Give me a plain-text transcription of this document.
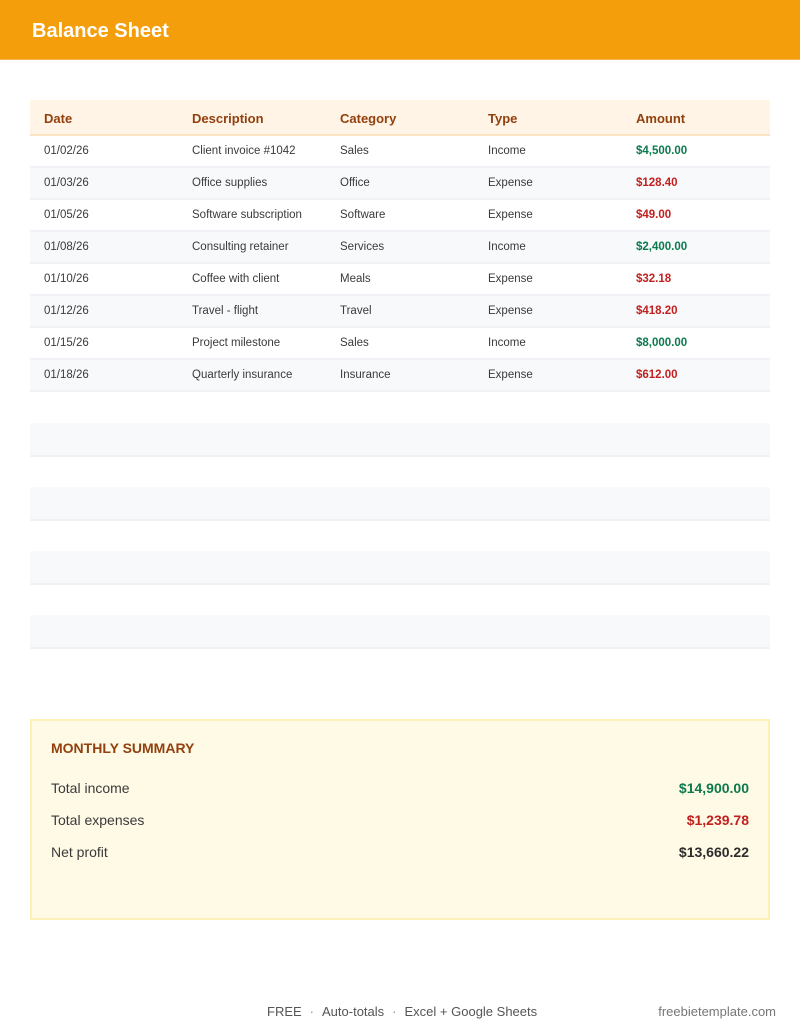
Balance Sheet
Date	Description	Category	Type	Amount
01/02/26	Client invoice #1042	Sales	Income	$4,500.00
01/03/26	Office supplies	Office	Expense	$128.40
01/05/26	Software subscription	Software	Expense	$49.00
01/08/26	Consulting retainer	Services	Income	$2,400.00
01/10/26	Coffee with client	Meals	Expense	$32.18
01/12/26	Travel - flight	Travel	Expense	$418.20
01/15/26	Project milestone	Sales	Income	$8,000.00
01/18/26	Quarterly insurance	Insurance	Expense	$612.00
MONTHLY SUMMARY
Total income	$14,900.00
Total expenses	$1,239.78
Net profit	$13,660.22
FREE · Auto-totals · Excel + Google Sheets	freebietemplate.com
